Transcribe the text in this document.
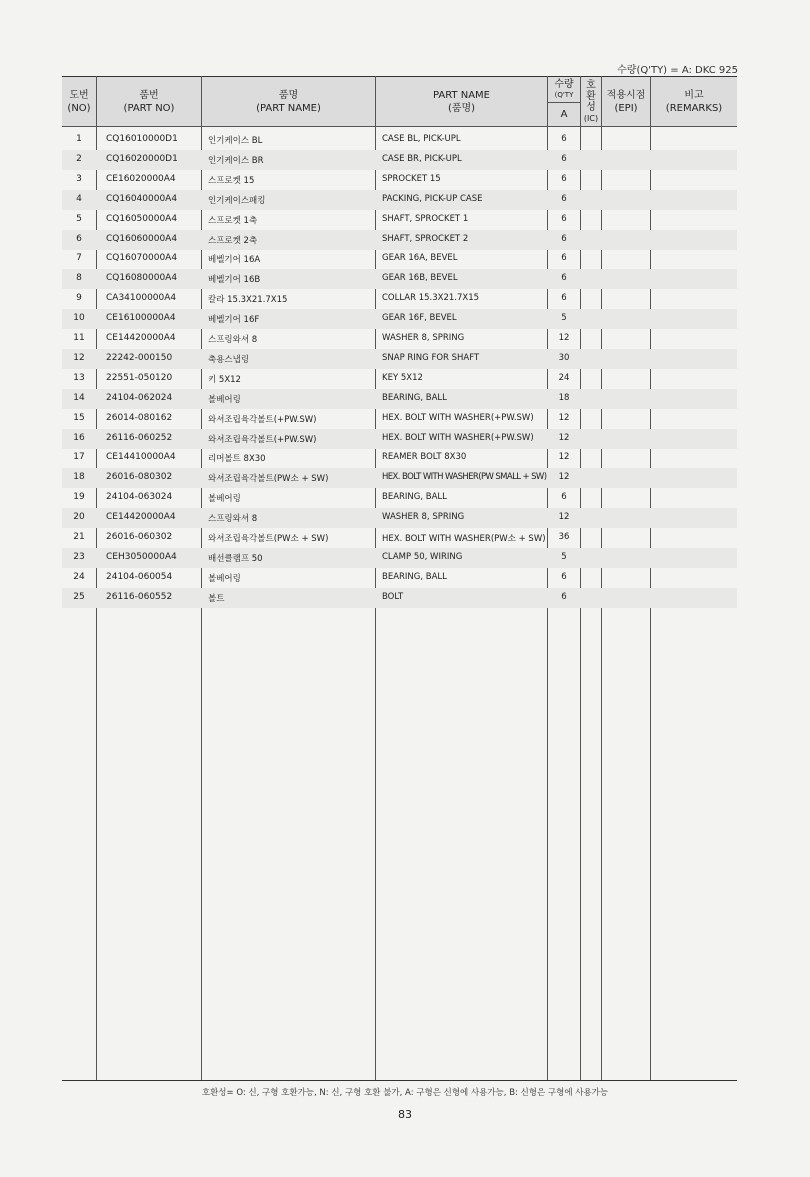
수량(Q'TY) = A: DKC 925
도번
(NO)
품번
(PART NO)
품명
(PART NAME)
PART NAME
(품명)
수량
(Q'TY
A
호환성
(IC)
적용시점
(EPI)
비고
(REMARKS)
1	CQ16010000D1	인기케이스 BL	CASE BL, PICK-UPL	6
2	CQ16020000D1	인기케이스 BR	CASE BR, PICK-UPL	6
3	CE16020000A4	스프로켓 15	SPROCKET 15	6
4	CQ16040000A4	인기케이스패킹	PACKING, PICK-UP CASE	6
5	CQ16050000A4	스프로켓 1축	SHAFT, SPROCKET 1	6
6	CQ16060000A4	스프로켓 2축	SHAFT, SPROCKET 2	6
7	CQ16070000A4	베벨기어 16A	GEAR 16A, BEVEL	6
8	CQ16080000A4	베벨기어 16B	GEAR 16B, BEVEL	6
9	CA34100000A4	칼라 15.3X21.7X15	COLLAR 15.3X21.7X15	6
10	CE16100000A4	베벨기어 16F	GEAR 16F, BEVEL	5
11	CE14420000A4	스프링와셔 8	WASHER 8, SPRING	12
12	22242-000150	축용스냅링	SNAP RING FOR SHAFT	30
13	22551-050120	키 5X12	KEY 5X12	24
14	24104-062024	볼베어링	BEARING, BALL	18
15	26014-080162	와셔조립육각볼트(+PW.SW)	HEX. BOLT WITH WASHER(+PW.SW)	12
16	26116-060252	와셔조립육각볼트(+PW.SW)	HEX. BOLT WITH WASHER(+PW.SW)	12
17	CE14410000A4	리머볼트 8X30	REAMER BOLT 8X30	12
18	26016-080302	와셔조립육각볼트(PW소 + SW)	HEX. BOLT WITH WASHER(PW SMALL + SW)	12
19	24104-063024	볼베어링	BEARING, BALL	6
20	CE14420000A4	스프링와셔 8	WASHER 8, SPRING	12
21	26016-060302	와셔조립육각볼트(PW소 + SW)	HEX. BOLT WITH WASHER(PW소 + SW)	36
23	CEH3050000A4	배선클램프 50	CLAMP 50, WIRING	5
24	24104-060054	볼베어링	BEARING, BALL	6
25	26116-060552	볼트	BOLT	6
호환성= O: 신, 구형 호환가능, N: 신, 구형 호환 불가, A: 구형은 신형에 사용가능, B: 신형은 구형에 사용가능
83
